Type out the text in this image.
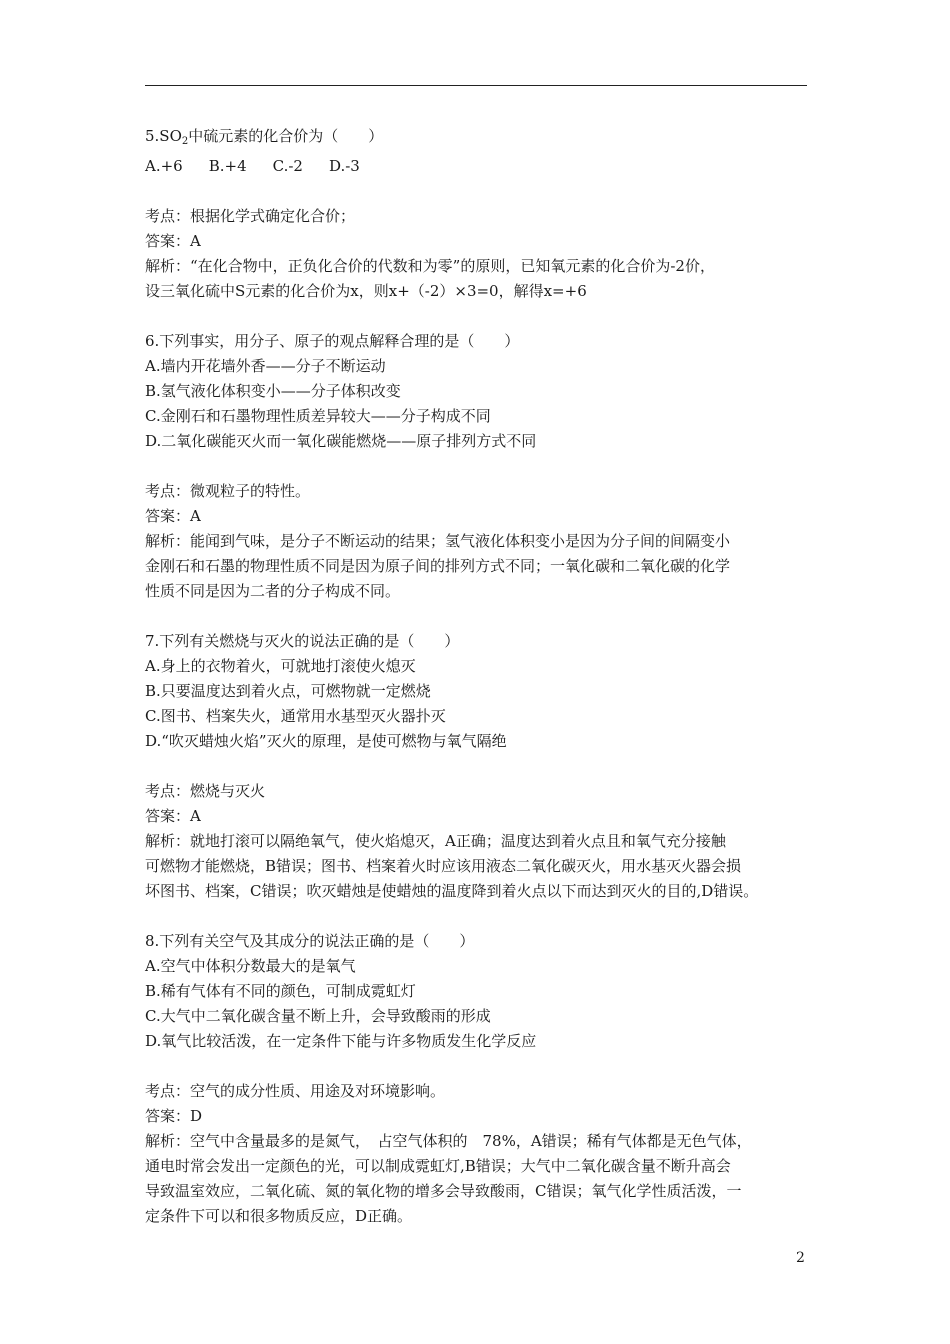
$5.SO_2$中硫元素的化合价为（　　）
A.+6 B.+4 C.-2 D.-3
考点：根据化学式确定化合价；
答案：A
解析：“在化合物中，正负化合价的代数和为零”的原则，已知氧元素的化合价为-2价，
设三氧化硫中S元素的化合价为x，则x+（-2）×3=0，解得x=+6
6.下列事实，用分子、原子的观点解释合理的是（　　）
A.墙内开花墙外香——分子不断运动
B.氢气液化体积变小——分子体积改变
C.金刚石和石墨物理性质差异较大——分子构成不同
D.二氧化碳能灭火而一氧化碳能燃烧——原子排列方式不同
考点：微观粒子的特性。
答案：A
解析：能闻到气味，是分子不断运动的结果；氢气液化体积变小是因为分子间的间隔变小
金刚石和石墨的物理性质不同是因为原子间的排列方式不同；一氧化碳和二氧化碳的化学
性质不同是因为二者的分子构成不同。
7.下列有关燃烧与灭火的说法正确的是（　　）
A.身上的衣物着火，可就地打滚使火熄灭
B.只要温度达到着火点，可燃物就一定燃烧
C.图书、档案失火，通常用水基型灭火器扑灭
D.“吹灭蜡烛火焰”灭火的原理，是使可燃物与氧气隔绝
考点：燃烧与灭火
答案：A
解析：就地打滚可以隔绝氧气，使火焰熄灭，A正确；温度达到着火点且和氧气充分接触
可燃物才能燃烧，B错误；图书、档案着火时应该用液态二氧化碳灭火，用水基灭火器会损
坏图书、档案，C错误；吹灭蜡烛是使蜡烛的温度降到着火点以下而达到灭火的目的,D错误。
8.下列有关空气及其成分的说法正确的是（　　）
A.空气中体积分数最大的是氧气
B.稀有气体有不同的颜色，可制成霓虹灯
C.大气中二氧化碳含量不断上升，会导致酸雨的形成
D.氧气比较活泼，在一定条件下能与许多物质发生化学反应
考点：空气的成分性质、用途及对环境影响。
答案：D
解析：空气中含量最多的是氮气，　占空气体积的　78%，A错误；稀有气体都是无色气体，
通电时常会发出一定颜色的光，可以制成霓虹灯,B错误；大气中二氧化碳含量不断升高会
导致温室效应，二氧化硫、氮的氧化物的增多会导致酸雨，C错误；氧气化学性质活泼，一
定条件下可以和很多物质反应，D正确。
2
